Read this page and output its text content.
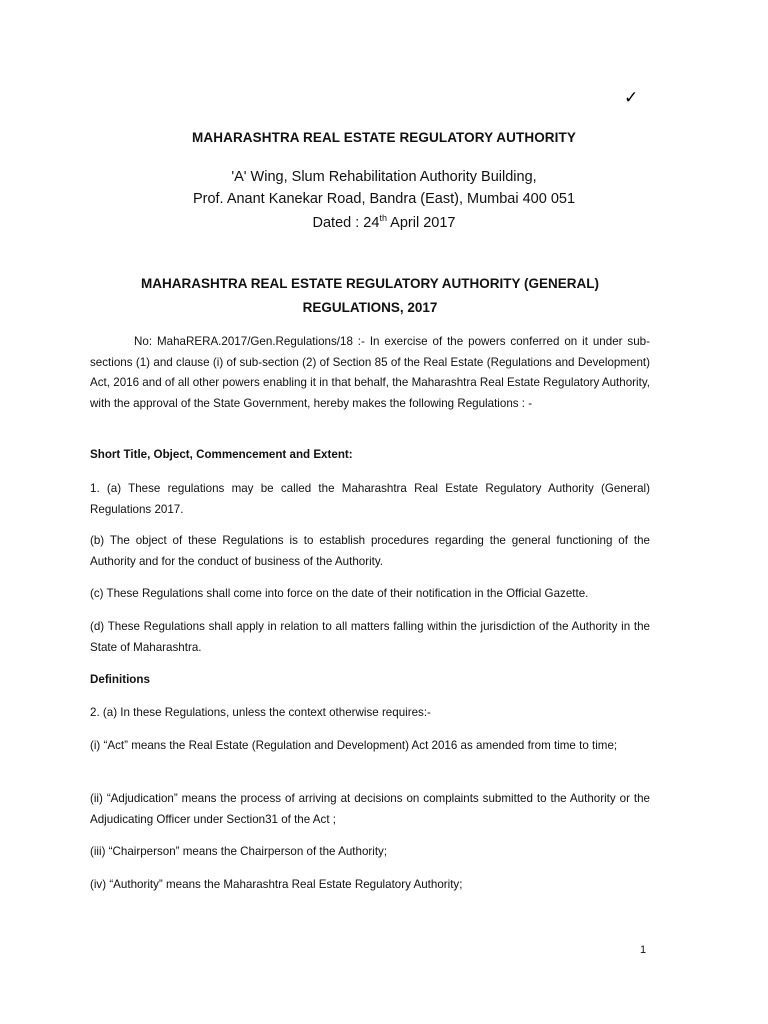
✓
MAHARASHTRA REAL ESTATE REGULATORY AUTHORITY
'A' Wing, Slum Rehabilitation Authority Building,
Prof. Anant Kanekar Road, Bandra (East), Mumbai 400 051
Dated : 24th April 2017
MAHARASHTRA REAL ESTATE REGULATORY AUTHORITY (GENERAL)
REGULATIONS, 2017
No: MahaRERA.2017/Gen.Regulations/18 :- In exercise of the powers conferred on it under sub-sections (1) and clause (i) of sub-section (2) of Section 85 of the Real Estate (Regulations and Development) Act, 2016 and of all other powers enabling it in that behalf, the Maharashtra Real Estate Regulatory Authority, with the approval of the State Government, hereby makes the following Regulations : -
Short Title, Object, Commencement and Extent:
1. (a) These regulations may be called the Maharashtra Real Estate Regulatory Authority (General) Regulations 2017.
(b) The object of these Regulations is to establish procedures regarding the general functioning of the Authority and for the conduct of business of the Authority.
(c) These Regulations shall come into force on the date of their notification in the Official Gazette.
(d) These Regulations shall apply in relation to all matters falling within the jurisdiction of the Authority in the State of Maharashtra.
Definitions
2. (a) In these Regulations, unless the context otherwise requires:-
(i) “Act” means the Real Estate (Regulation and Development) Act 2016 as amended from time to time;
(ii) “Adjudication” means the process of arriving at decisions on complaints submitted to the Authority or the Adjudicating Officer under Section31 of the Act ;
(iii) “Chairperson” means the Chairperson of the Authority;
(iv) “Authority” means the Maharashtra Real Estate Regulatory Authority;
1
